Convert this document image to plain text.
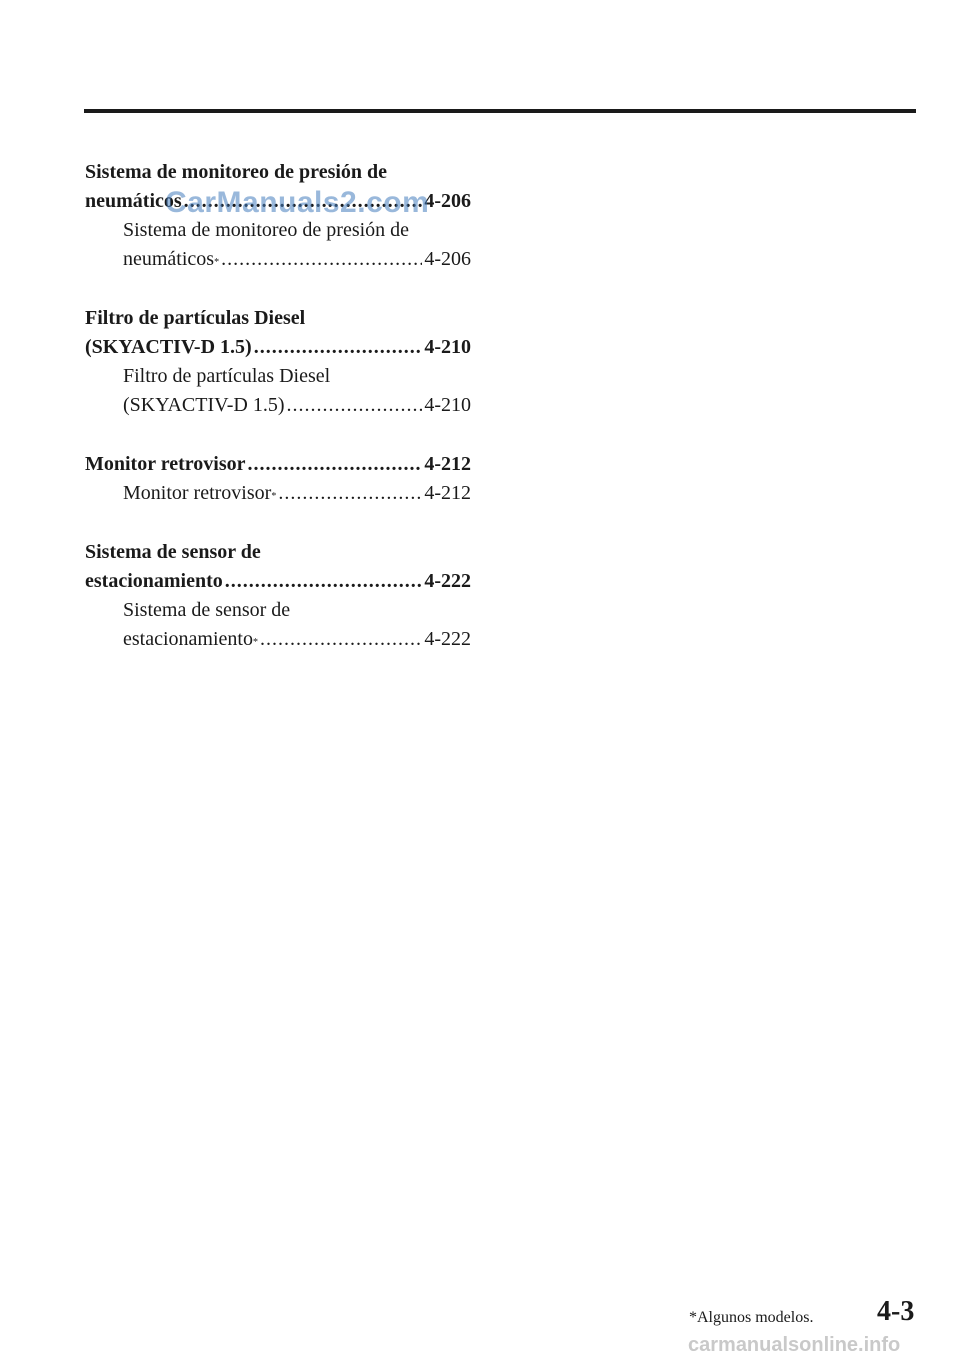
Sistema de monitoreo de presión de
neumáticos .....	4-206
Sistema de monitoreo de presión de
neumáticos * .....	4-206
Filtro de partículas Diesel
(SKYACTIV-D 1.5) .....	4-210
Filtro de partículas Diesel
(SKYACTIV-D 1.5) .....	4-210
Monitor retrovisor .....	4-212
Monitor retrovisor * .....	4-212
Sistema de sensor de
estacionamiento .....	4-222
Sistema de sensor de
estacionamiento * .....	4-222
CarManuals2.com
*Algunos modelos. 4-3
carmanualsonline.info
